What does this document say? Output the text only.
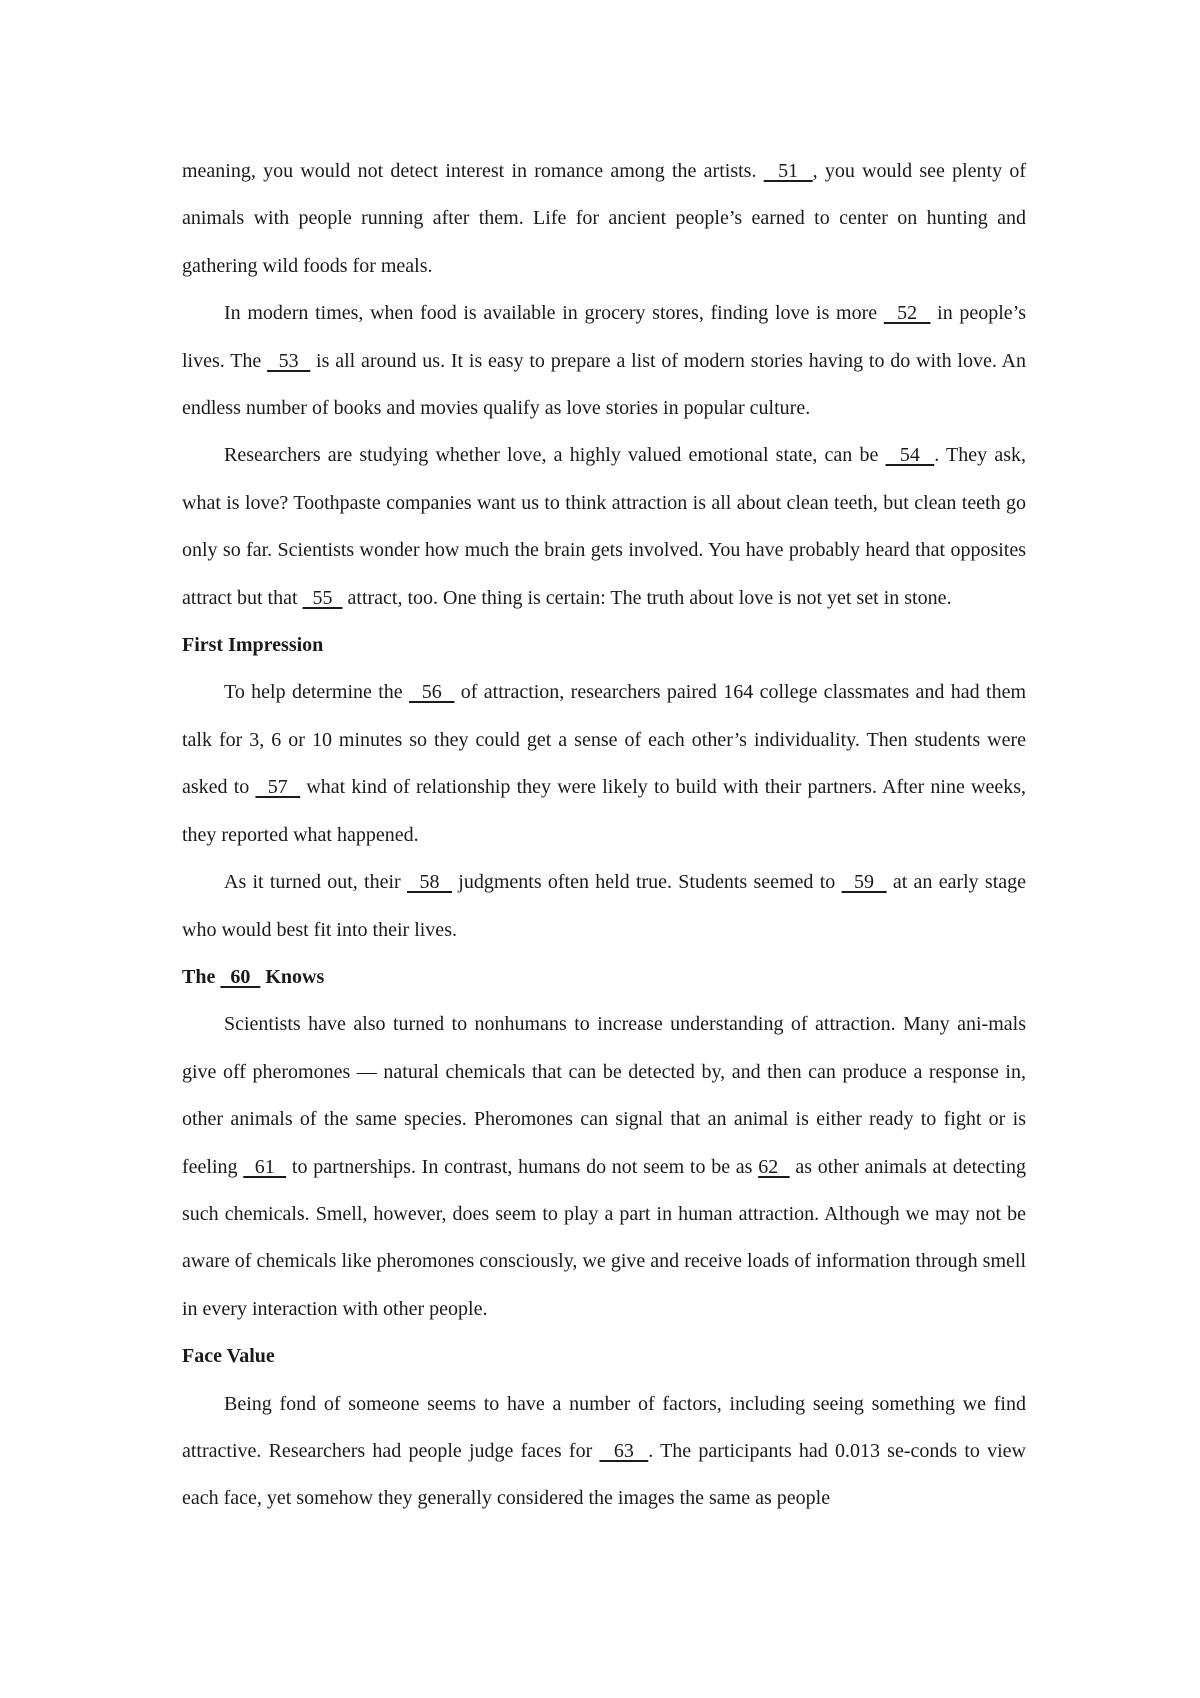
meaning, you would not detect interest in romance among the artists.   51  , you would see plenty of animals with people running after them. Life for ancient people’s earned to center on hunting and gathering wild foods for meals.

In modern times, when food is available in grocery stores, finding love is more   52   in people’s lives. The   53   is all around us. It is easy to prepare a list of modern stories having to do with love. An endless number of books and movies qualify as love stories in popular culture.

Researchers are studying whether love, a highly valued emotional state, can be   54  . They ask, what is love? Toothpaste companies want us to think attraction is all about clean teeth, but clean teeth go only so far. Scientists wonder how much the brain gets involved. You have probably heard that opposites attract but that   55   attract, too. One thing is certain: The truth about love is not yet set in stone.

First Impression

To help determine the   56   of attraction, researchers paired 164 college classmates and had them talk for 3, 6 or 10 minutes so they could get a sense of each other’s individuality. Then students were asked to   57   what kind of relationship they were likely to build with their partners. After nine weeks, they reported what happened.

As it turned out, their   58   judgments often held true. Students seemed to   59   at an early stage who would best fit into their lives.

The   60   Knows

Scientists have also turned to nonhumans to increase understanding of attraction. Many ani-mals give off pheromones — natural chemicals that can be detected by, and then can produce a response in, other animals of the same species. Pheromones can signal that an animal is either ready to fight or is feeling   61   to partnerships. In contrast, humans do not seem to be as 62   as other animals at detecting such chemicals. Smell, however, does seem to play a part in human attraction. Although we may not be aware of chemicals like pheromones consciously, we give and receive loads of information through smell in every interaction with other people.

Face Value

Being fond of someone seems to have a number of factors, including seeing something we find attractive. Researchers had people judge faces for   63  . The participants had 0.013 se-conds to view each face, yet somehow they generally considered the images the same as people
